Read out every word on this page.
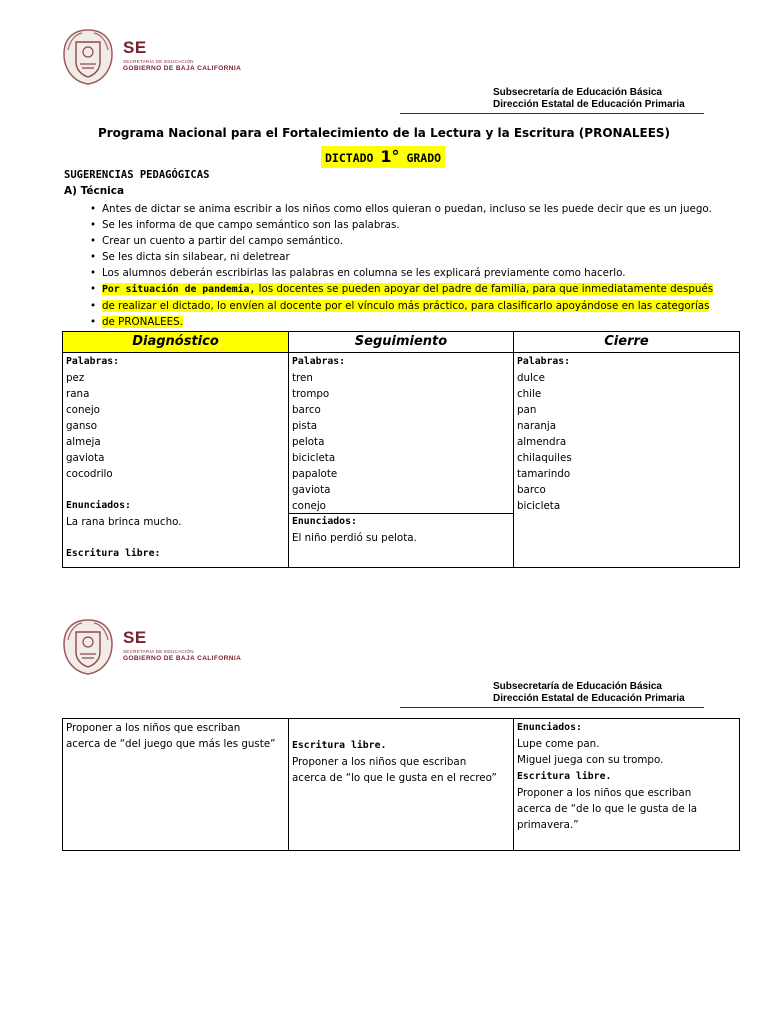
SE
SECRETARÍA DE EDUCACIÓN
GOBIERNO DE BAJA CALIFORNIA
Subsecretaría de Educación Básica
Dirección Estatal de Educación Primaria
Programa Nacional para el Fortalecimiento de la Lectura y la Escritura (PRONALEES)
DICTADO 1° GRADO
SUGERENCIAS PEDAGÓGICAS
A) Técnica
• Antes de dictar se anima escribir a los niños como ellos quieran o puedan, incluso se les puede decir que es un juego.
• Se les informa de que campo semántico son las palabras.
• Crear un cuento a partir del campo semántico.
• Se les dicta sin silabear, ni deletrear
• Los alumnos deberán escribirlas las palabras en columna se les explicará previamente como hacerlo.
• Por situación de pandemia, los docentes se pueden apoyar del padre de familia, para que inmediatamente después
• de realizar el dictado, lo envíen al docente por el vínculo más práctico, para clasificarlo apoyándose en las categorías
• de PRONALEES.
Diagnóstico	Seguimiento	Cierre
Palabras:
pez
rana
conejo
ganso
almeja
gaviota
cocodrilo
Enunciados:
La rana brinca mucho.
Escritura libre:
Palabras:
tren
trompo
barco
pista
pelota
bicicleta
papalote
gaviota
conejo
Enunciados:
El niño perdió su pelota.
Palabras:
dulce
chile
pan
naranja
almendra
chilaquiles
tamarindo
barco
bicicleta
SE
SECRETARÍA DE EDUCACIÓN
GOBIERNO DE BAJA CALIFORNIA
Subsecretaría de Educación Básica
Dirección Estatal de Educación Primaria
Proponer a los niños que escriban
acerca de “del juego que más les guste” Escritura libre.
Proponer a los niños que escriban
acerca de “lo que le gusta en el recreo”
Enunciados:
Lupe come pan.
Miguel juega con su trompo.
Escritura libre.
Proponer a los niños que escriban
acerca de “de lo que le gusta de la
primavera.”
